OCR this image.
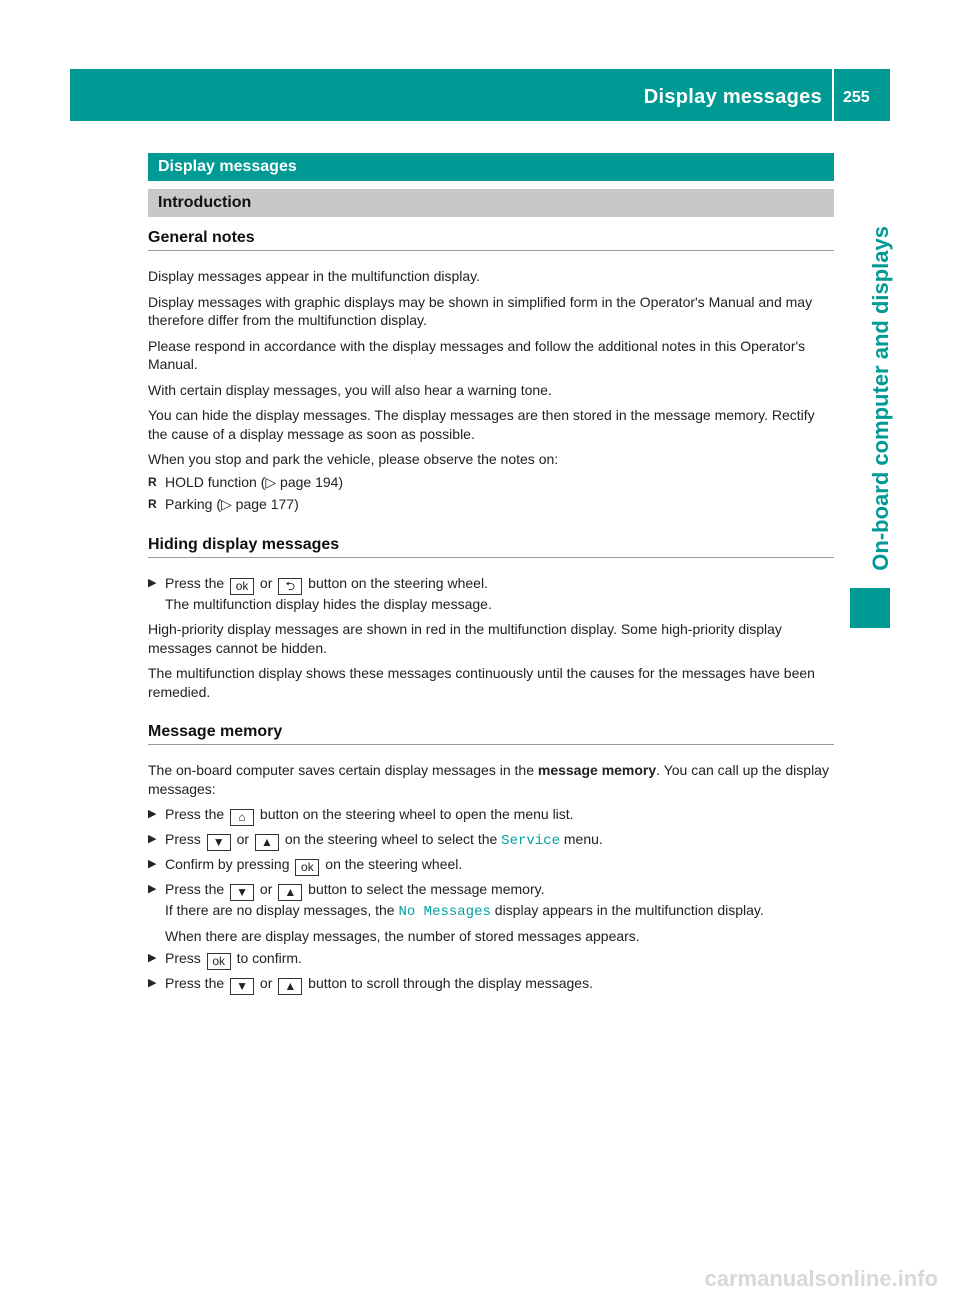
Display messages 255
On-board computer and displays
Display messages
Introduction
General notes

Display messages appear in the multifunction display.

Display messages with graphic displays may be shown in simplified form in the Operator's Manual and may therefore differ from the multifunction display.

Please respond in accordance with the display messages and follow the additional notes in this Operator's Manual.

With certain display messages, you will also hear a warning tone.

You can hide the display messages. The display messages are then stored in the message memory. Rectify the cause of a display message as soon as possible.

When you stop and park the vehicle, please observe the notes on:

R HOLD function (▷ page 194)
R Parking (▷ page 177)
Hiding display messages
▶ Press the ok or ⮌ button on the steering wheel.
The multifunction display hides the display message.

High-priority display messages are shown in red in the multifunction display. Some high-priority display messages cannot be hidden.

The multifunction display shows these messages continuously until the causes for the messages have been remedied.

Message memory

The on-board computer saves certain display messages in the message memory. You can call up the display messages:

▶ Press the ⌂ button on the steering wheel to open the menu list.
▶ Press ▼ or ▲ on the steering wheel to select the Service menu.
▶ Confirm by pressing ok on the steering wheel.
▶ Press the ▼ or ▲ button to select the message memory.
If there are no display messages, the No Messages display appears in the multifunction display.
When there are display messages, the number of stored messages appears.
▶ Press ok to confirm.
▶ Press the ▼ or ▲ button to scroll through the display messages.
carmanualsonline.info
